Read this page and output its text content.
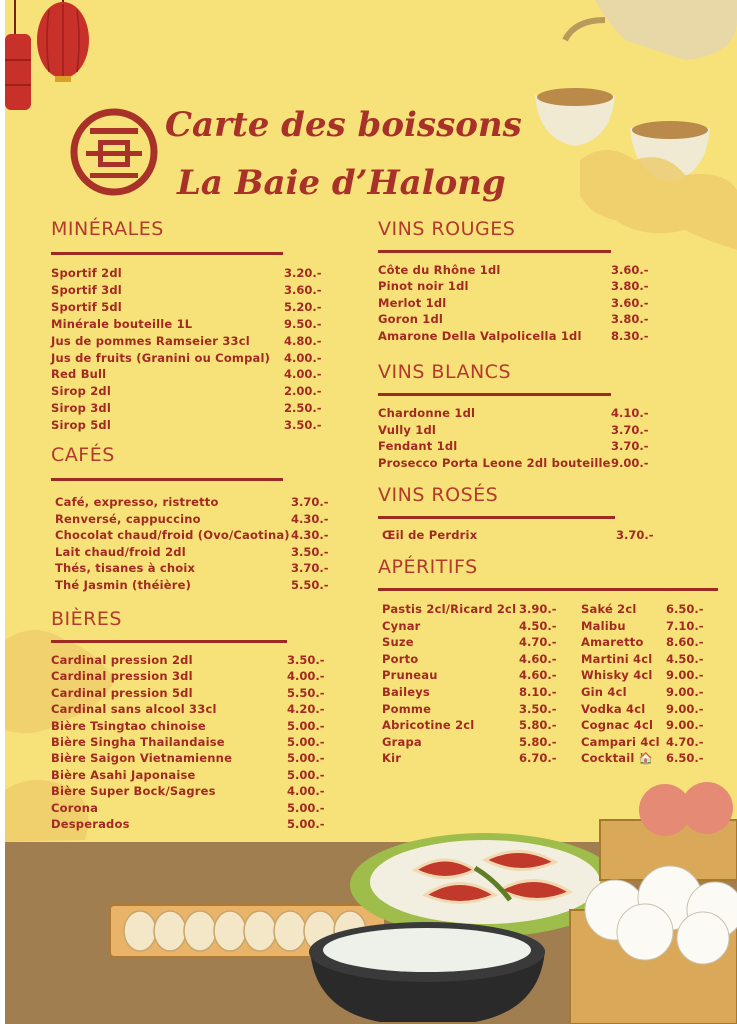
Carte des boissons
La Baie d’Halong
MINÉRALES
Sportif 2dl	3.20.-
Sportif 3dl	3.60.-
Sportif 5dl	5.20.-
Minérale bouteille 1L	9.50.-
Jus de pommes Ramseier 33cl	4.80.-
Jus de fruits (Granini ou Compal) 4.00.-
Red Bull	4.00.-
Sirop 2dl	2.00.-
Sirop 3dl	2.50.-
Sirop 5dl	3.50.-
CAFÉS
Café, expresso, ristretto	3.70.-
Renversé, cappuccino	4.30.-
Chocolat chaud/froid (Ovo/Caotina) 4.30.-
Lait chaud/froid 2dl	3.50.-
Thés, tisanes à choix	3.70.-
Thé Jasmin (théière)	5.50.-
BIÈRES
Cardinal pression 2dl	3.50.-
Cardinal pression 3dl	4.00.-
Cardinal pression 5dl	5.50.-
Cardinal sans alcool 33cl	4.20.-
Bière Tsingtao chinoise	5.00.-
Bière Singha Thailandaise	5.00.-
Bière Saigon Vietnamienne	5.00.-
Bière Asahi Japonaise	5.00.-
Bière Super Bock/Sagres	4.00.-
Corona	5.00.-
Desperados	5.00.-
VINS ROUGES
Côte du Rhône 1dl	3.60.-
Pinot noir 1dl	3.80.-
Merlot 1dl	3.60.-
Goron 1dl	3.80.-
Amarone Della Valpolicella 1dl	8.30.-
VINS BLANCS
Chardonne 1dl	4.10.-
Vully 1dl	3.70.-
Fendant 1dl	3.70.-
Prosecco Porta Leone 2dl bouteille 9.00.-
VINS ROSÉS
Œil de Perdrix	3.70.-
APÉRITIFS
Pastis 2cl/Ricard 2cl 3.90.-
Cynar	4.50.-
Suze	4.70.-
Porto	4.60.-
Pruneau	4.60.-
Baileys	8.10.-
Pomme	3.50.-
Abricotine 2cl	5.80.-
Grapa	5.80.-
Kir	6.70.-
Saké 2cl	6.50.-
Malibu	7.10.-
Amaretto 8.60.-
Martini 4cl 4.50.-
Whisky 4cl 9.00.-
Gin 4cl	9.00.-
Vodka 4cl 9.00.-
Cognac 4cl 9.00.-
Campari 4cl 4.70.-
Cocktail 🏠 6.50.-
